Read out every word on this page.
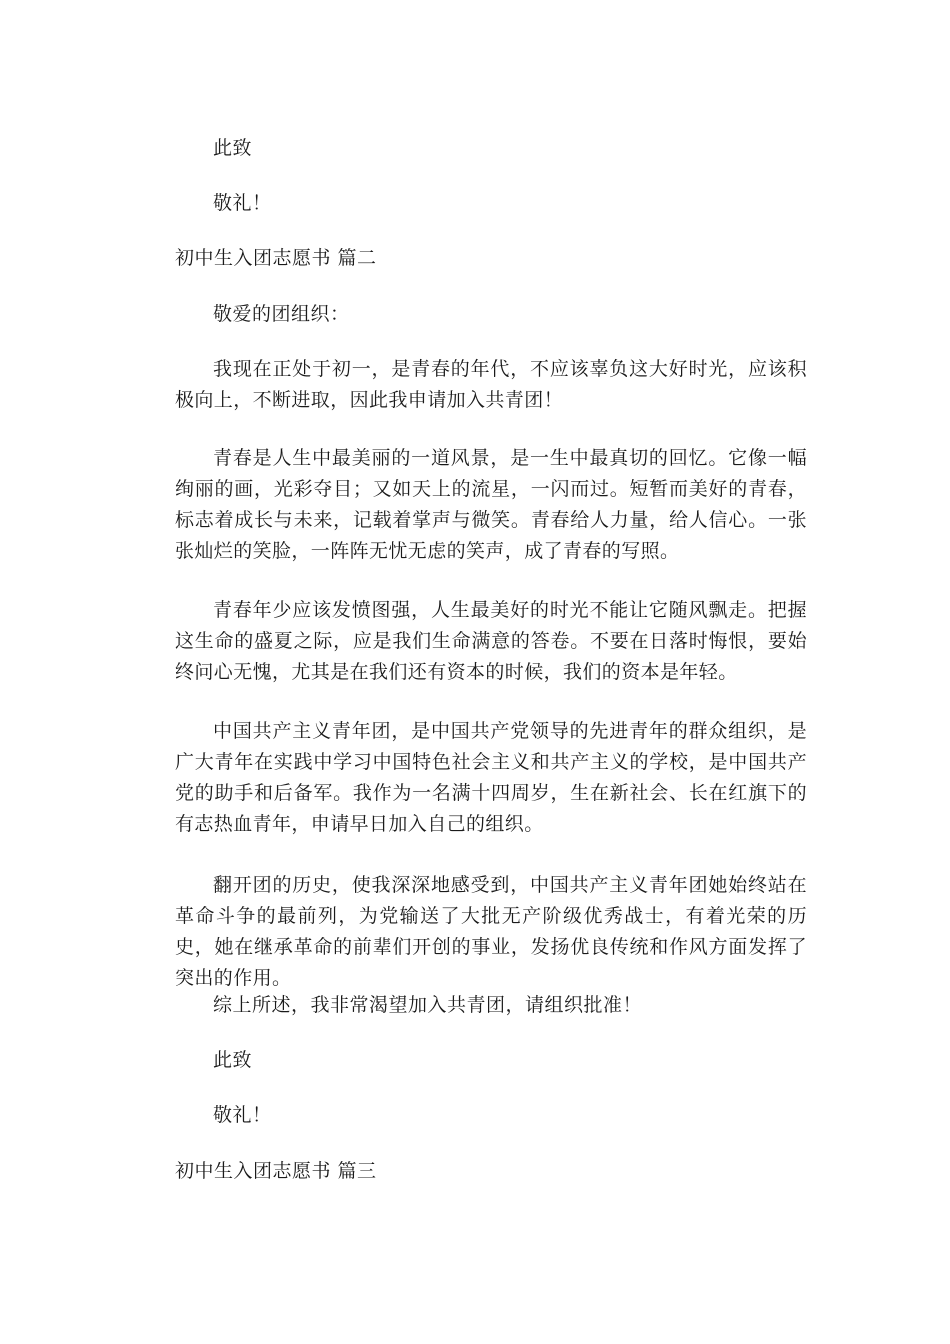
此致
敬礼！
初中生入团志愿书 篇二
敬爱的团组织：
我现在正处于初一，是青春的年代，不应该辜负这大好时光，应该积极向上，不断进取，因此我申请加入共青团！
青春是人生中最美丽的一道风景，是一生中最真切的回忆。它像一幅绚丽的画，光彩夺目；又如天上的流星，一闪而过。短暂而美好的青春，标志着成长与未来，记载着掌声与微笑。青春给人力量，给人信心。一张张灿烂的笑脸，一阵阵无忧无虑的笑声，成了青春的写照。
青春年少应该发愤图强，人生最美好的时光不能让它随风飘走。把握这生命的盛夏之际，应是我们生命满意的答卷。不要在日落时悔恨，要始终问心无愧，尤其是在我们还有资本的时候，我们的资本是年轻。
中国共产主义青年团，是中国共产党领导的先进青年的群众组织，是广大青年在实践中学习中国特色社会主义和共产主义的学校，是中国共产党的助手和后备军。我作为一名满十四周岁，生在新社会、长在红旗下的有志热血青年，申请早日加入自己的组织。
翻开团的历史，使我深深地感受到，中国共产主义青年团她始终站在革命斗争的最前列，为党输送了大批无产阶级优秀战士，有着光荣的历史，她在继承革命的前辈们开创的事业，发扬优良传统和作风方面发挥了突出的作用。
综上所述，我非常渴望加入共青团，请组织批准！
此致
敬礼！
初中生入团志愿书 篇三
